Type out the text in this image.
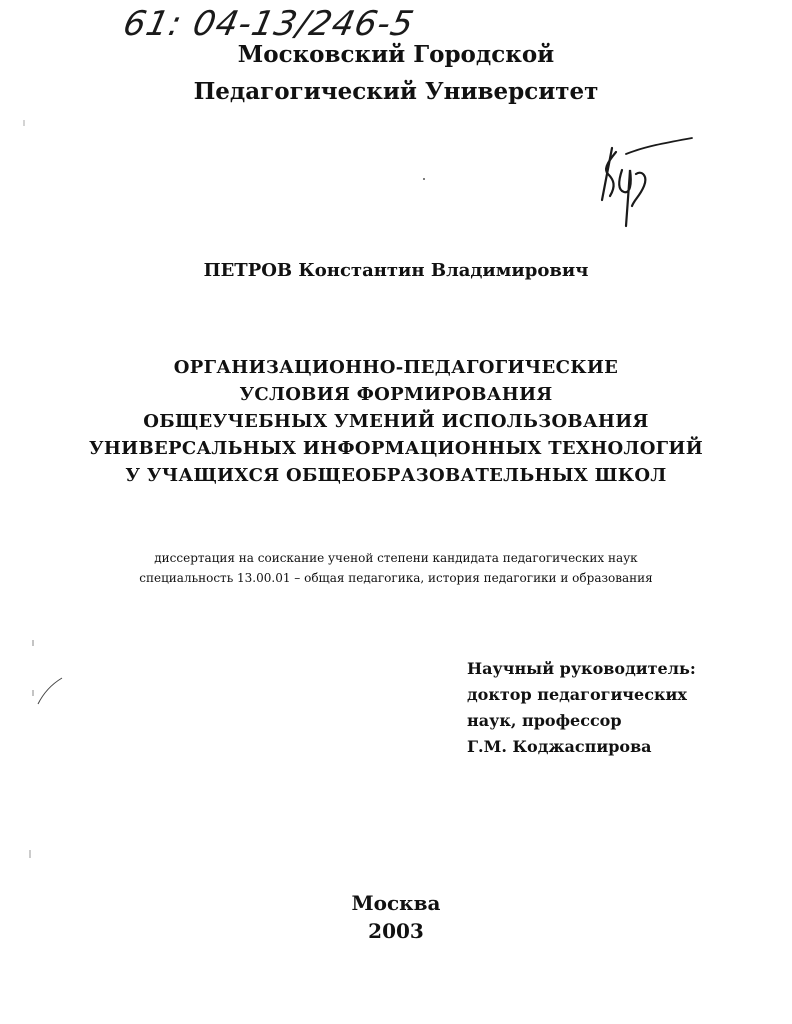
61: 04-13/246-5
Московский Городской
Педагогический Университет
ПЕТРОВ Константин Владимирович
ОРГАНИЗАЦИОННО-ПЕДАГОГИЧЕСКИЕ
УСЛОВИЯ ФОРМИРОВАНИЯ
ОБЩЕУЧЕБНЫХ УМЕНИЙ ИСПОЛЬЗОВАНИЯ
УНИВЕРСАЛЬНЫХ ИНФОРМАЦИОННЫХ ТЕХНОЛОГИЙ
У УЧАЩИХСЯ ОБЩЕОБРАЗОВАТЕЛЬНЫХ ШКОЛ
диссертация на соискание ученой степени кандидата педагогических наук
специальность 13.00.01 – общая педагогика, история педагогики и образования
Научный руководитель:
доктор педагогических
наук, профессор
Г.М. Коджаспирова
Москва
2003
